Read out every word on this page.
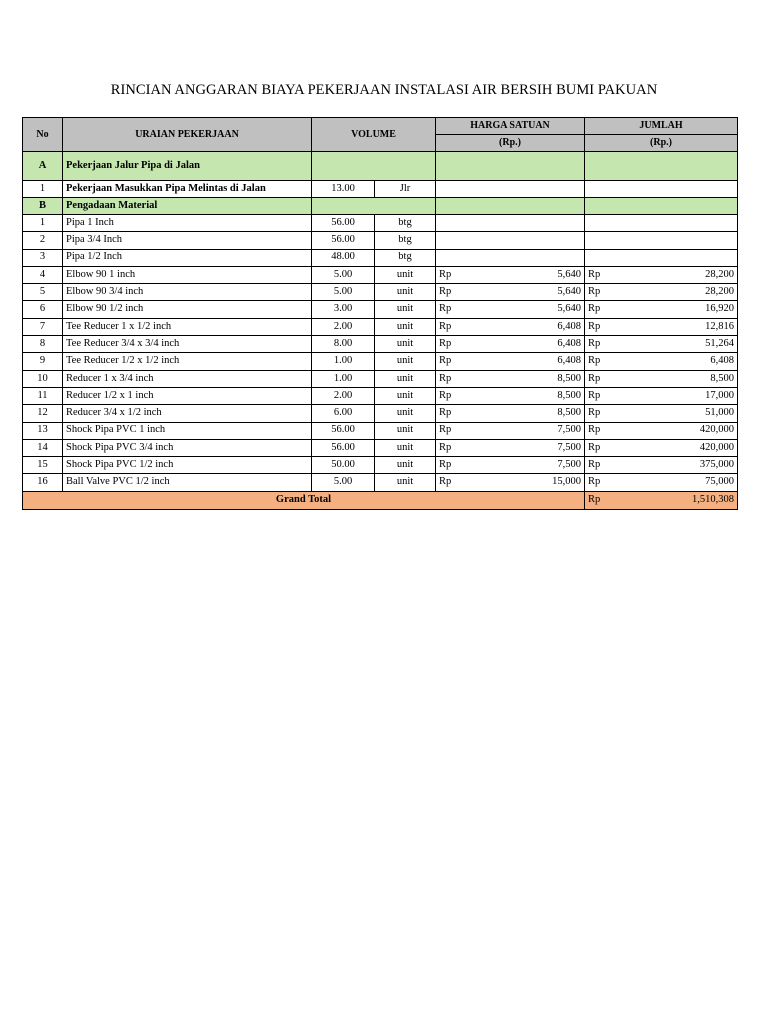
RINCIAN ANGGARAN BIAYA PEKERJAAN INSTALASI AIR BERSIH BUMI PAKUAN
No	URAIAN PEKERJAAN	VOLUME		HARGA SATUAN		JUMLAH	
				(Rp.)		(Rp.)	
A	Pekerjaan Jalur Pipa di Jalan						
1	Pekerjaan Masukkan Pipa Melintas di Jalan	13.00	Jlr				
B	Pengadaan Material						
1	Pipa 1 Inch	56.00	btg				
2	Pipa 3/4 Inch	56.00	btg				
3	Pipa 1/2 Inch	48.00	btg				
4	Elbow 90 1 inch	5.00	unit	Rp	5,640	Rp	28,200
5	Elbow 90 3/4 inch	5.00	unit	Rp	5,640	Rp	28,200
6	Elbow 90 1/2 inch	3.00	unit	Rp	5,640	Rp	16,920
7	Tee Reducer 1 x 1/2 inch	2.00	unit	Rp	6,408	Rp	12,816
8	Tee Reducer 3/4 x 3/4 inch	8.00	unit	Rp	6,408	Rp	51,264
9	Tee Reducer 1/2 x 1/2 inch	1.00	unit	Rp	6,408	Rp	6,408
10	Reducer 1 x 3/4 inch	1.00	unit	Rp	8,500	Rp	8,500
11	Reducer 1/2 x 1 inch	2.00	unit	Rp	8,500	Rp	17,000
12	Reducer 3/4 x 1/2 inch	6.00	unit	Rp	8,500	Rp	51,000
13	Shock Pipa PVC 1 inch	56.00	unit	Rp	7,500	Rp	420,000
14	Shock Pipa PVC 3/4 inch	56.00	unit	Rp	7,500	Rp	420,000
15	Shock Pipa PVC 1/2 inch	50.00	unit	Rp	7,500	Rp	375,000
16	Ball Valve PVC 1/2 inch	5.00	unit	Rp	15,000	Rp	75,000
Grand Total						Rp	1,510,308
